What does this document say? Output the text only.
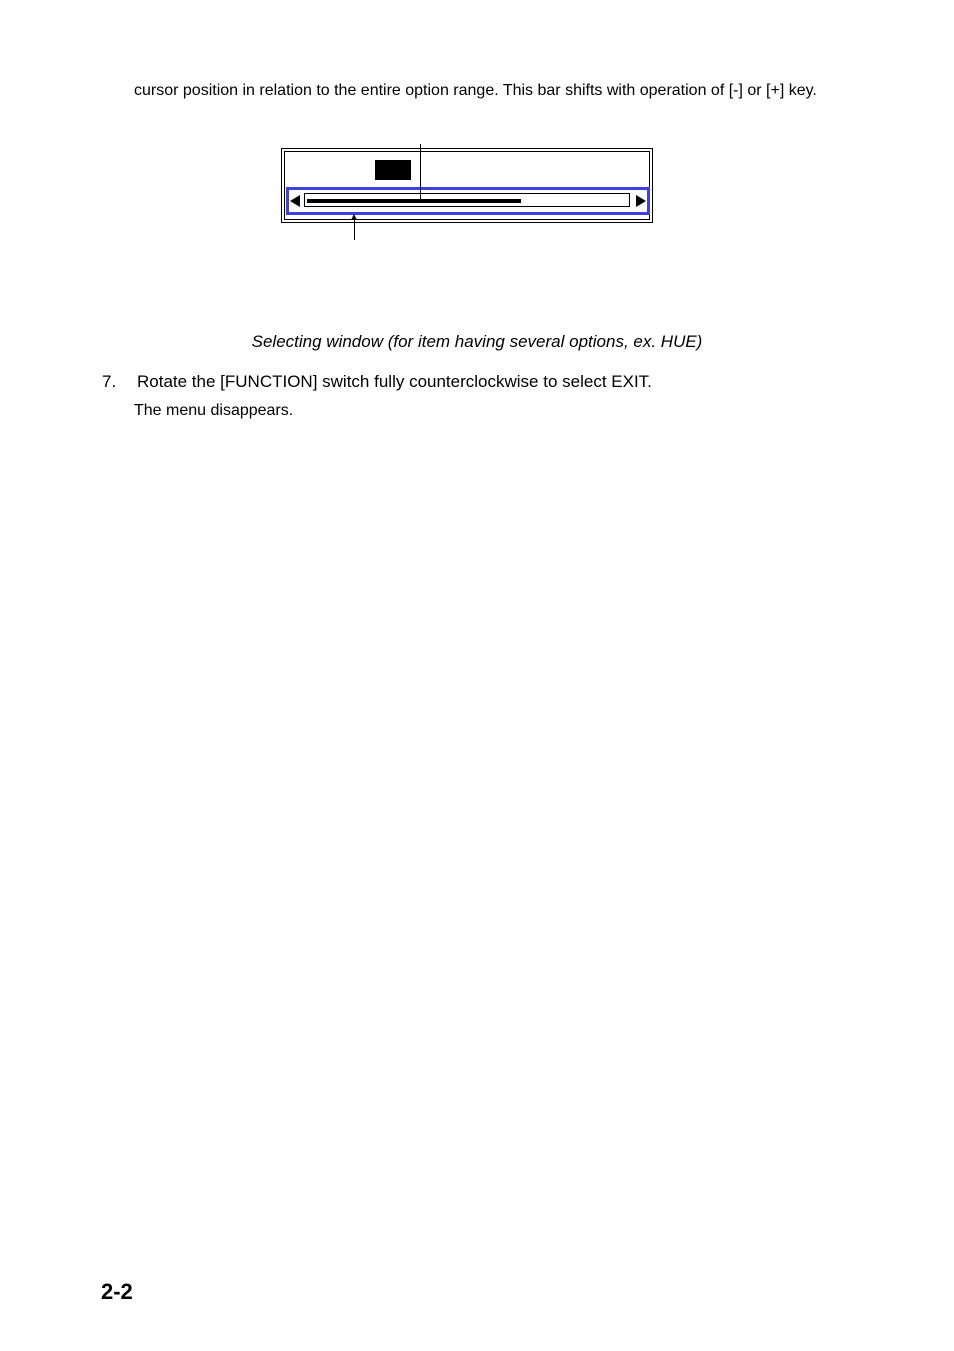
cursor position in relation to the entire option range. This bar shifts with operation of [-] or [+] key.
Selecting window (for item having several options, ex. HUE)
7. Rotate the [FUNCTION] switch fully counterclockwise to select EXIT.
The menu disappears.
2-2
